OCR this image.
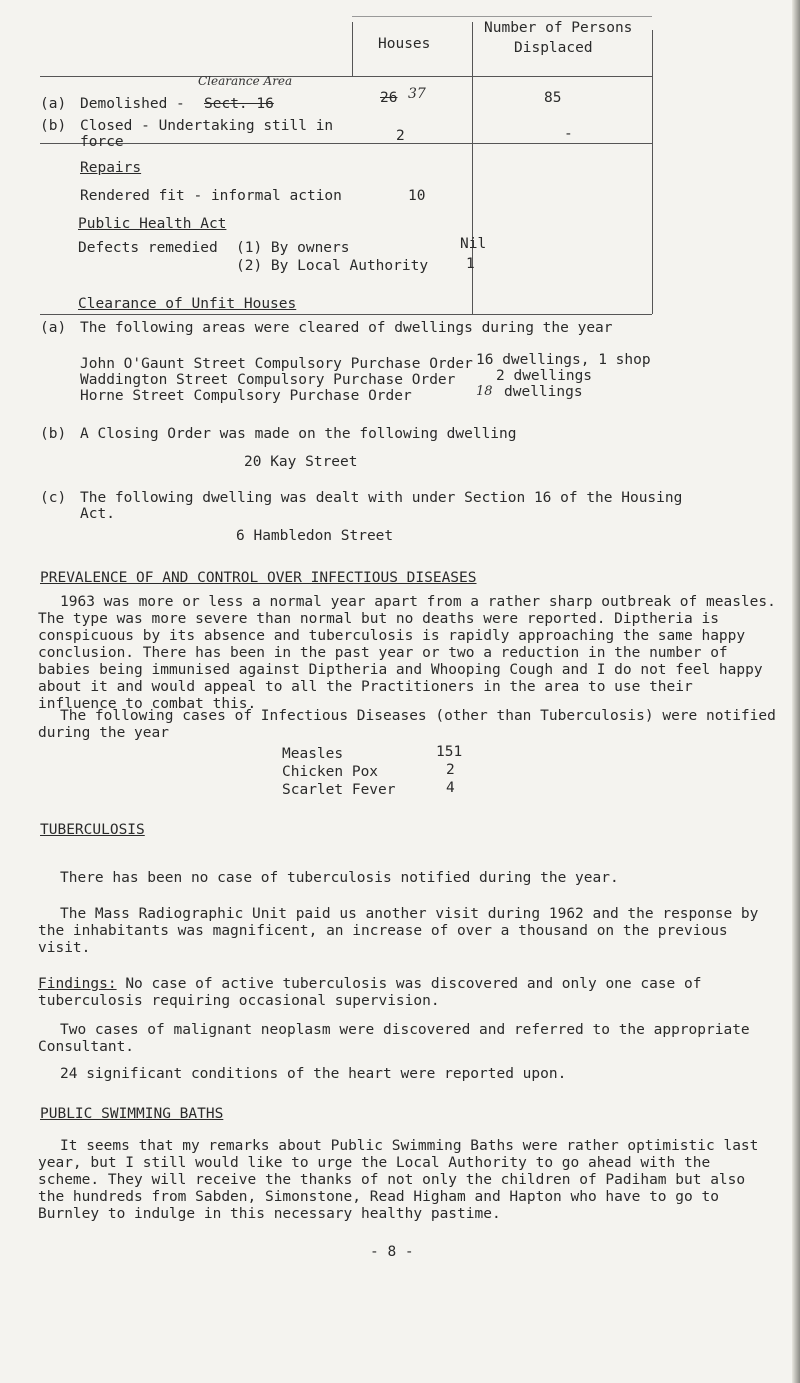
Houses
Number of Persons
Displaced
Clearance Area
(a) Demolished - Sect. 16	26 37	85
(b) Closed - Undertaking still in
force	2	-
Repairs
Rendered fit - informal action	10
Public Health Act
Defects remedied (1) By owners	Nil
(2) By Local Authority	1
Clearance of Unfit Houses
(a) The following areas were cleared of dwellings during the year
John O'Gaunt Street Compulsory Purchase Order 16 dwellings, 1 shop
Waddington Street Compulsory Purchase Order	2 dwellings
Horne Street Compulsory Purchase Order	18 dwellings
(b) A Closing Order was made on the following dwelling
20 Kay Street
(c) The following dwelling was dealt with under Section 16 of the Housing
Act.
6 Hambledon Street
PREVALENCE OF AND CONTROL OVER INFECTIOUS DISEASES
1963 was more or less a normal year apart from a rather sharp outbreak of measles. The type was more severe than normal but no deaths were reported. Diptheria is conspicuous by its absence and tuberculosis is rapidly approaching the same happy conclusion. There has been in the past year or two a reduction in the number of babies being immunised against Diptheria and Whooping Cough and I do not feel happy about it and would appeal to all the Practitioners in the area to use their influence to combat this.
The following cases of Infectious Diseases (other than Tuberculosis) were notified during the year
Measles	151
Chicken Pox	2
Scarlet Fever	4
TUBERCULOSIS
There has been no case of tuberculosis notified during the year.
The Mass Radiographic Unit paid us another visit during 1962 and the response by the inhabitants was magnificent, an increase of over a thousand on the previous visit.
Findings: No case of active tuberculosis was discovered and only one case of tuberculosis requiring occasional supervision.
Two cases of malignant neoplasm were discovered and referred to the appropriate Consultant.
24 significant conditions of the heart were reported upon.
PUBLIC SWIMMING BATHS
It seems that my remarks about Public Swimming Baths were rather optimistic last year, but I still would like to urge the Local Authority to go ahead with the scheme. They will receive the thanks of not only the children of Padiham but also the hundreds from Sabden, Simonstone, Read Higham and Hapton who have to go to Burnley to indulge in this necessary healthy pastime.
- 8 -
